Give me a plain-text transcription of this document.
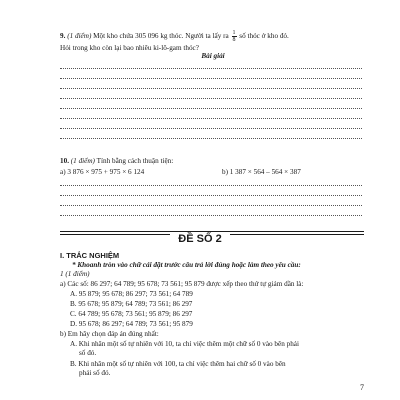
9. (1 điểm) Một kho chứa 305 096 kg thóc. Người ta lấy ra $\frac{1}{8}$ số thóc ở kho đó.
Hỏi trong kho còn lại bao nhiêu ki-lô-gam thóc?
Bài giải
10. (1 điểm) Tính bằng cách thuận tiện:
a) 3 876 × 975 + 975 × 6 124	b) 1 387 × 564 – 564 × 387
ĐỀ SỐ 2
I. TRẮC NGHIỆM
* Khoanh tròn vào chữ cái đặt trước câu trả lời đúng hoặc làm theo yêu cầu:
1 (1 điểm)
a) Các số: 86 297; 64 789; 95 678; 73 561; 95 879 được xếp theo thứ tự giảm dần là:
A. 95 879; 95 678; 86 297; 73 561; 64 789
B. 95 678; 95 879; 64 789; 73 561; 86 297
C. 64 789; 95 678; 73 561; 95 879; 86 297
D. 95 678; 86 297; 64 789; 73 561; 95 879
b) Em hãy chọn đáp án đúng nhất:
A. Khi nhân một số tự nhiên với 10, ta chỉ việc thêm một chữ số 0 vào bên phải
số đó.
B. Khi nhân một số tự nhiên với 100, ta chỉ việc thêm hai chữ số 0 vào bên
phải số đó.
7
